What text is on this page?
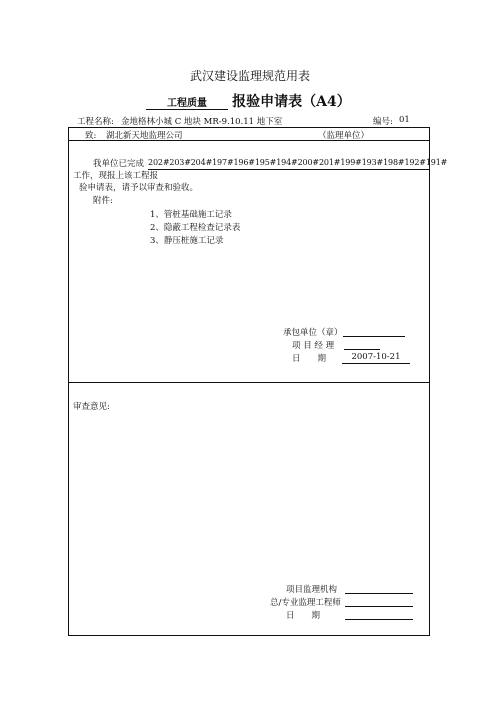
武汉建设监理规范用表
工程质量 报验申请表（A4）
工程名称: 金地格林小城 C 地块 MR-9.10.11 地下室	编号: 01
致: 湖北新天地监理公司	（监理单位）
我单位已完成 202#203#204#197#196#195#194#200#201#199#193#198#192#191#
工作，现报上该工程报
验申请表，请予以审查和验收。
附件:
1、管桩基础施工记录
2、隐蔽工程检查记录表
3、静压桩施工记录
承包单位（章）
项 目 经 理
日　　期	2007-10-21
审查意见:
项目监理机构
总/专业监理工程师
日　　期
